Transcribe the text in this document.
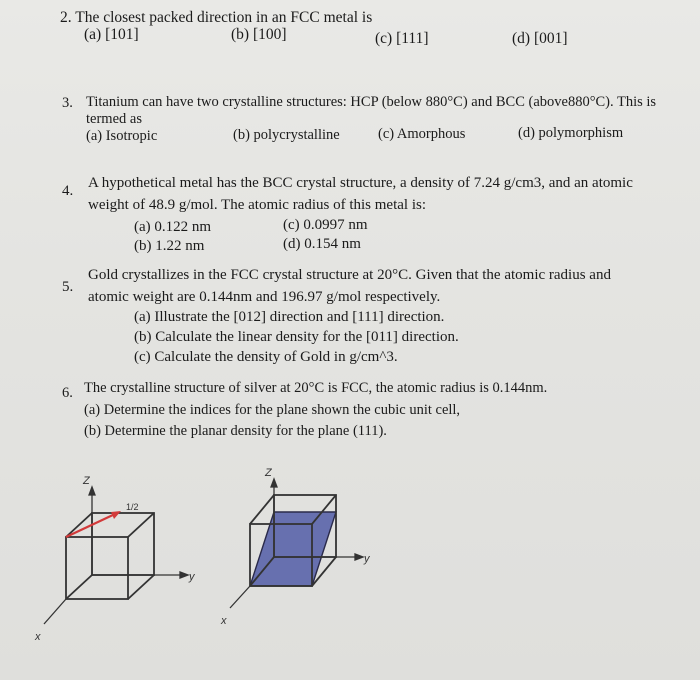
2. The closest packed direction in an FCC metal is
(a) [101]	(b) [100]	(c) [111]	(d) [001]
3. Titanium can have two crystalline structures: HCP (below 880°C) and BCC (above880°C). This is
termed as
(a) Isotropic	(b) polycrystalline	(c) Amorphous	(d) polymorphism
4. A hypothetical metal has the BCC crystal structure, a density of 7.24 g/cm3, and an atomic
weight of 48.9 g/mol. The atomic radius of this metal is:
(a) 0.122 nm	(c) 0.0997 nm
(b) 1.22 nm	(d) 0.154 nm
5.
Gold crystallizes in the FCC crystal structure at 20°C. Given that the atomic radius and
atomic weight are 0.144nm and 196.97 g/mol respectively.
(a) Illustrate the [012] direction and [111] direction.
(b) Calculate the linear density for the [011] direction.
(c) Calculate the density of Gold in g/cm^3.
6. The crystalline structure of silver at 20°C is FCC, the atomic radius is 0.144nm.
(a) Determine the indices for the plane shown the cubic unit cell,
(b) Determine the planar density for the plane (111).
Z
y
x
1/2
Z
y
x
